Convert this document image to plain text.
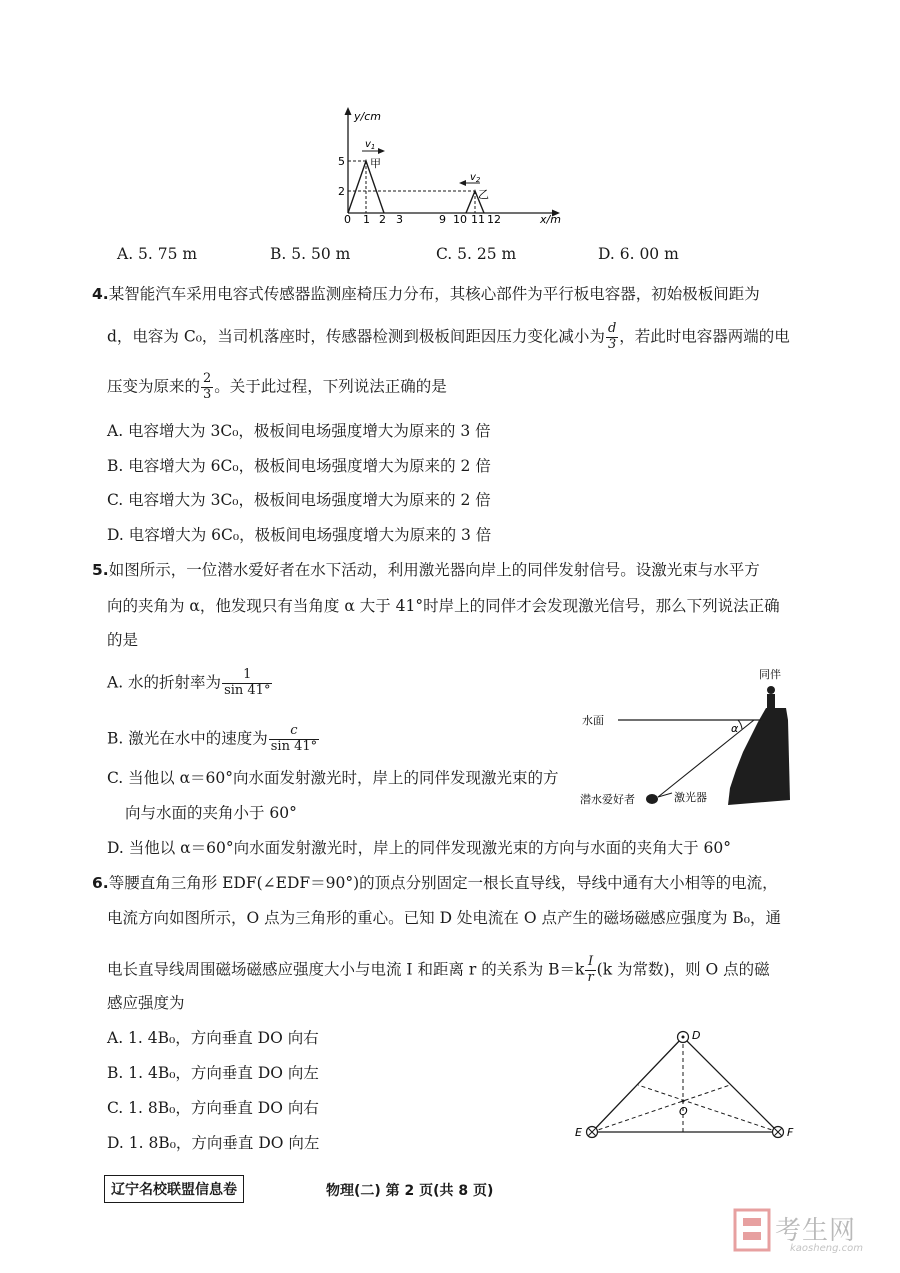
y/cm
x/m
5
2
0 1 2 3	9 10 11 12
甲
$v_1$
乙
$v_2$
A. 5. 75 m	B. 5. 50 m	C. 5. 25 m	D. 6. 00 m
4.某智能汽车采用电容式传感器监测座椅压力分布，其核心部件为平行板电容器，初始极板间距为
d，电容为 C₀，当司机落座时，传感器检测到极板间距因压力变化减小为 $\frac{d}{3}$ ，若此时电容器两端的电
压变为原来的 $\frac{2}{3}$ 。关于此过程，下列说法正确的是
A. 电容增大为 3C₀，极板间电场强度增大为原来的 3 倍
B. 电容增大为 6C₀，极板间电场强度增大为原来的 2 倍
C. 电容增大为 3C₀，极板间电场强度增大为原来的 2 倍
D. 电容增大为 6C₀，极板间电场强度增大为原来的 3 倍
5.如图所示，一位潜水爱好者在水下活动，利用激光器向岸上的同伴发射信号。设激光束与水平方
向的夹角为 α，他发现只有当角度 α 大于 41°时岸上的同伴才会发现激光信号，那么下列说法正确
的是
A. 水的折射率为 $\frac{1}{\sin 41^\circ}$
B. 激光在水中的速度为 $\frac{c}{\sin 41^\circ}$
C. 当他以 α＝60°向水面发射激光时，岸上的同伴发现激光束的方
向与水面的夹角小于 60°
D. 当他以 α＝60°向水面发射激光时，岸上的同伴发现激光束的方向与水面的夹角大于 60°
同伴
水面
α
潜水爱好者	激光器
6.等腰直角三角形 EDF(∠EDF＝90°)的顶点分别固定一根长直导线，导线中通有大小相等的电流，
电流方向如图所示，O 点为三角形的重心。已知 D 处电流在 O 点产生的磁场磁感应强度为 B₀，通
电长直导线周围磁场磁感应强度大小与电流 I 和距离 r 的关系为 $B=k \frac{I}{r} (k$ 为常数)，则 O 点的磁
感应强度为
A. 1. 4B₀，方向垂直 DO 向右
B. 1. 4B₀，方向垂直 DO 向左
C. 1. 8B₀，方向垂直 DO 向右
D. 1. 8B₀，方向垂直 DO 向左
D
E	F
O
辽宁名校联盟信息卷	物理(二) 第 2 页(共 8 页)
考生网
kaosheng.com
